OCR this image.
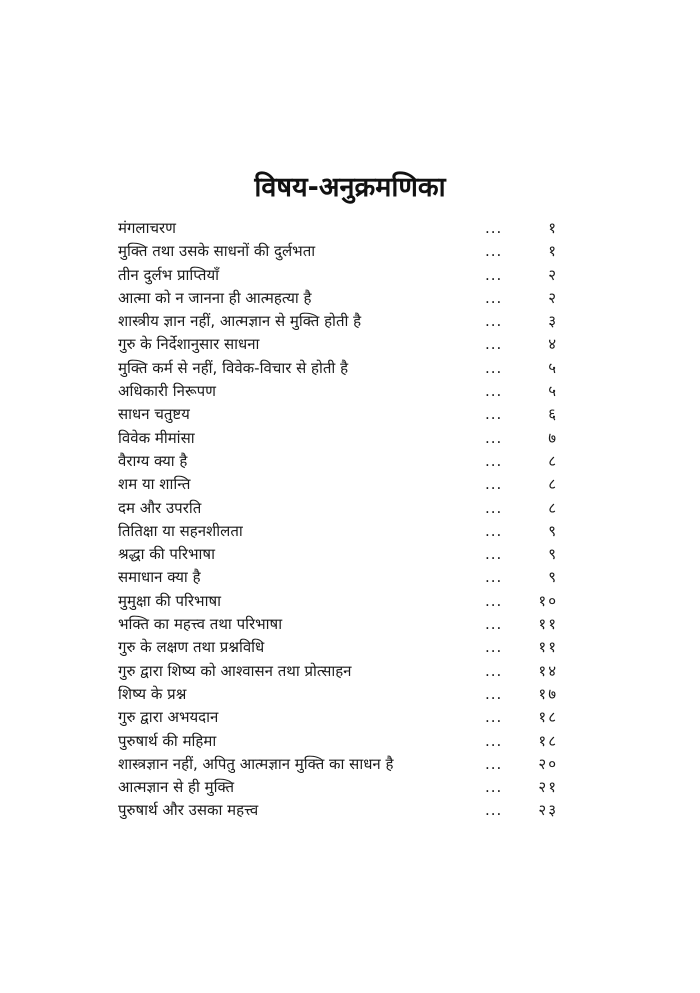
विषय-अनुक्रमणिका
मंगलाचरण	...	१
मुक्ति तथा उसके साधनों की दुर्लभता	...	१
तीन दुर्लभ प्राप्तियाँ	...	२
आत्मा को न जानना ही आत्महत्या है	...	२
शास्त्रीय ज्ञान नहीं, आत्मज्ञान से मुक्ति होती है	...	३
गुरु के निर्देशानुसार साधना	...	४
मुक्ति कर्म से नहीं, विवेक-विचार से होती है	...	५
अधिकारी निरूपण	...	५
साधन चतुष्टय	...	६
विवेक मीमांसा	...	७
वैराग्य क्या है	...	८
शम या शान्ति	...	८
दम और उपरति	...	८
तितिक्षा या सहनशीलता	...	९
श्रद्धा की परिभाषा	...	९
समाधान क्या है	...	९
मुमुक्षा की परिभाषा	... १०
भक्ति का महत्त्व तथा परिभाषा	... ११
गुरु के लक्षण तथा प्रश्नविधि	... ११
गुरु द्वारा शिष्य को आश्वासन तथा प्रोत्साहन	... १४
शिष्य के प्रश्न	... १७
गुरु द्वारा अभयदान	... १८
पुरुषार्थ की महिमा	... १८
शास्त्रज्ञान नहीं, अपितु आत्मज्ञान मुक्ति का साधन है	... २०
आत्मज्ञान से ही मुक्ति	... २१
पुरुषार्थ और उसका महत्त्व	... २३
